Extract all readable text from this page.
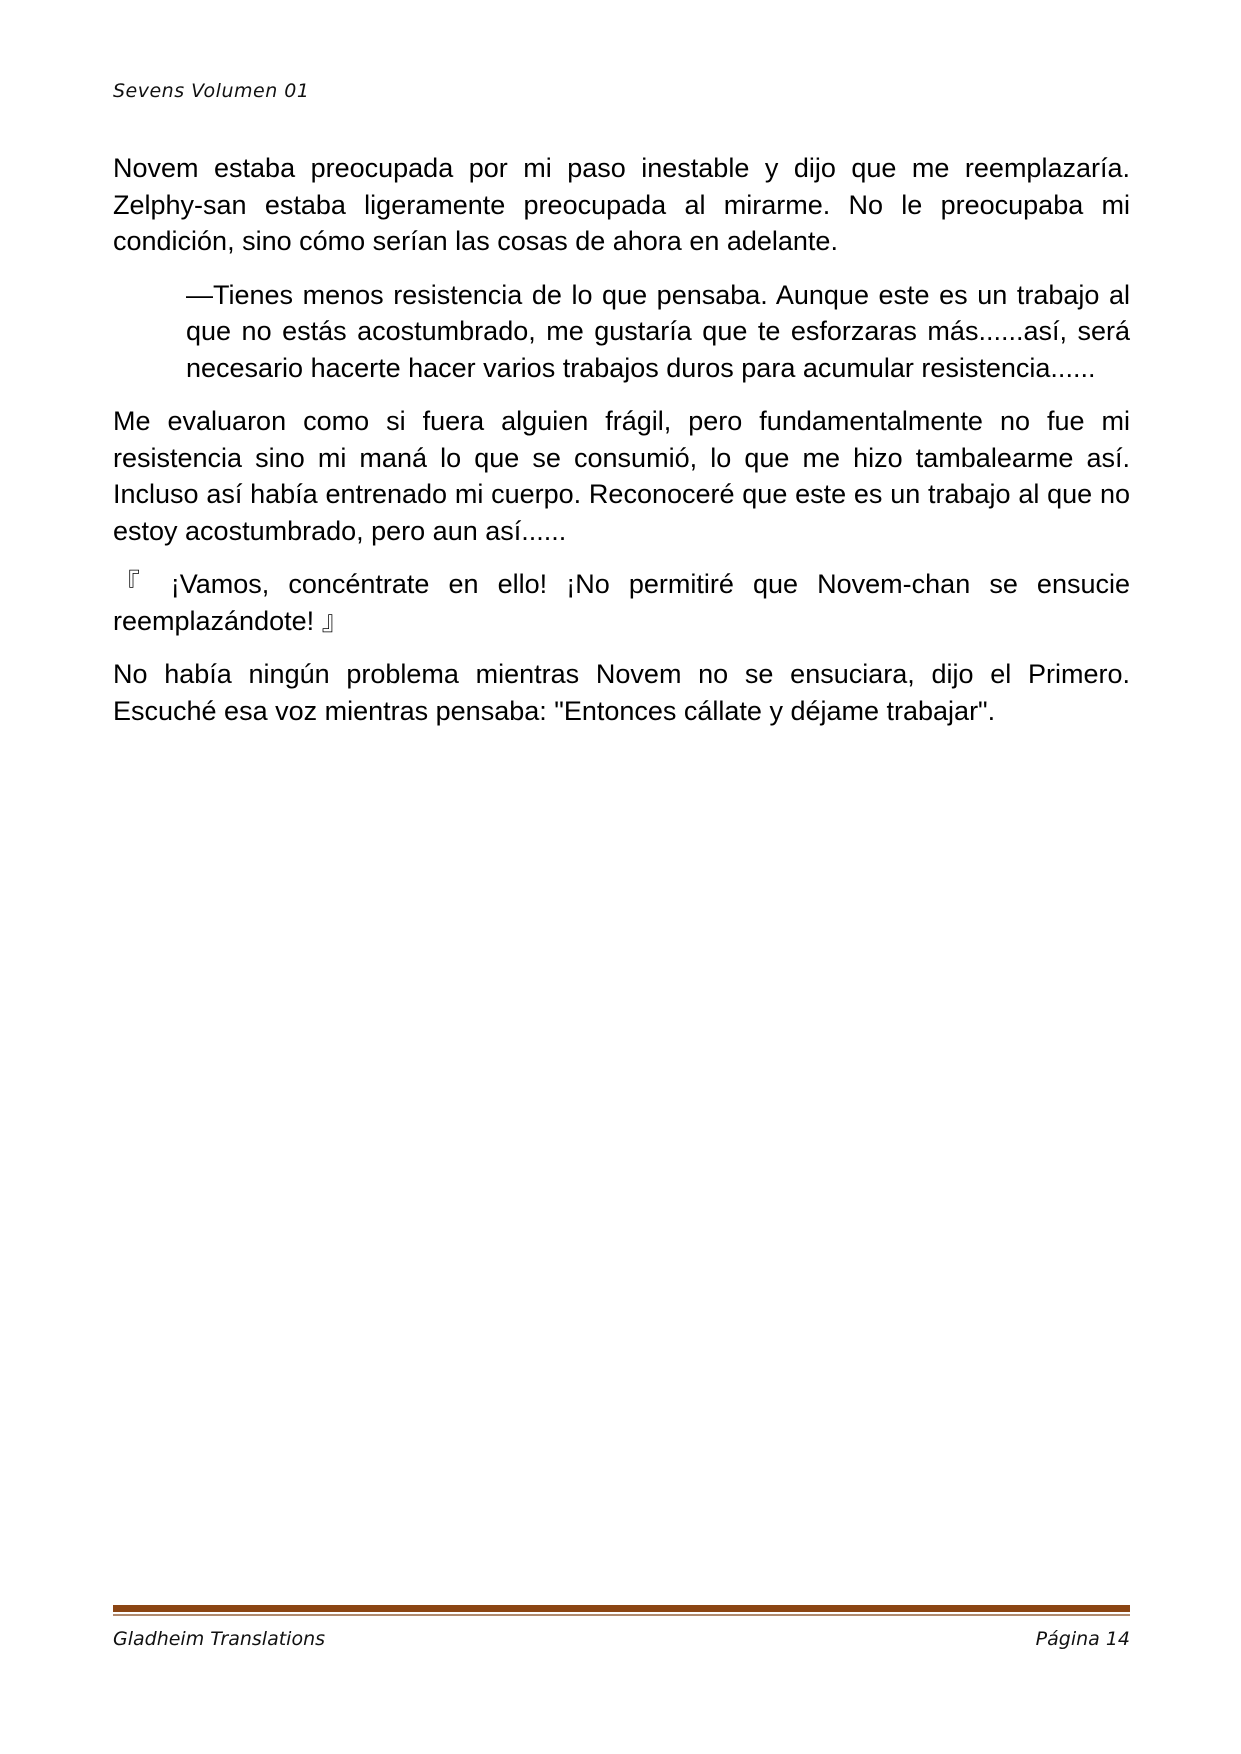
Sevens Volumen 01

Novem estaba preocupada por mi paso inestable y dijo que me reemplazaría. Zelphy-san estaba ligeramente preocupada al mirarme. No le preocupaba mi condición, sino cómo serían las cosas de ahora en adelante.

—Tienes menos resistencia de lo que pensaba. Aunque este es un trabajo al que no estás acostumbrado, me gustaría que te esforzaras más......así, será necesario hacerte hacer varios trabajos duros para acumular resistencia......

Me evaluaron como si fuera alguien frágil, pero fundamentalmente no fue mi resistencia sino mi maná lo que se consumió, lo que me hizo tambalearme así. Incluso así había entrenado mi cuerpo. Reconoceré que este es un trabajo al que no estoy acostumbrado, pero aun así......

『 ¡Vamos, concéntrate en ello! ¡No permitiré que Novem-chan se ensucie reemplazándote! 』

No había ningún problema mientras Novem no se ensuciara, dijo el Primero. Escuché esa voz mientras pensaba: "Entonces cállate y déjame trabajar".

Gladheim Translations	Página 14
